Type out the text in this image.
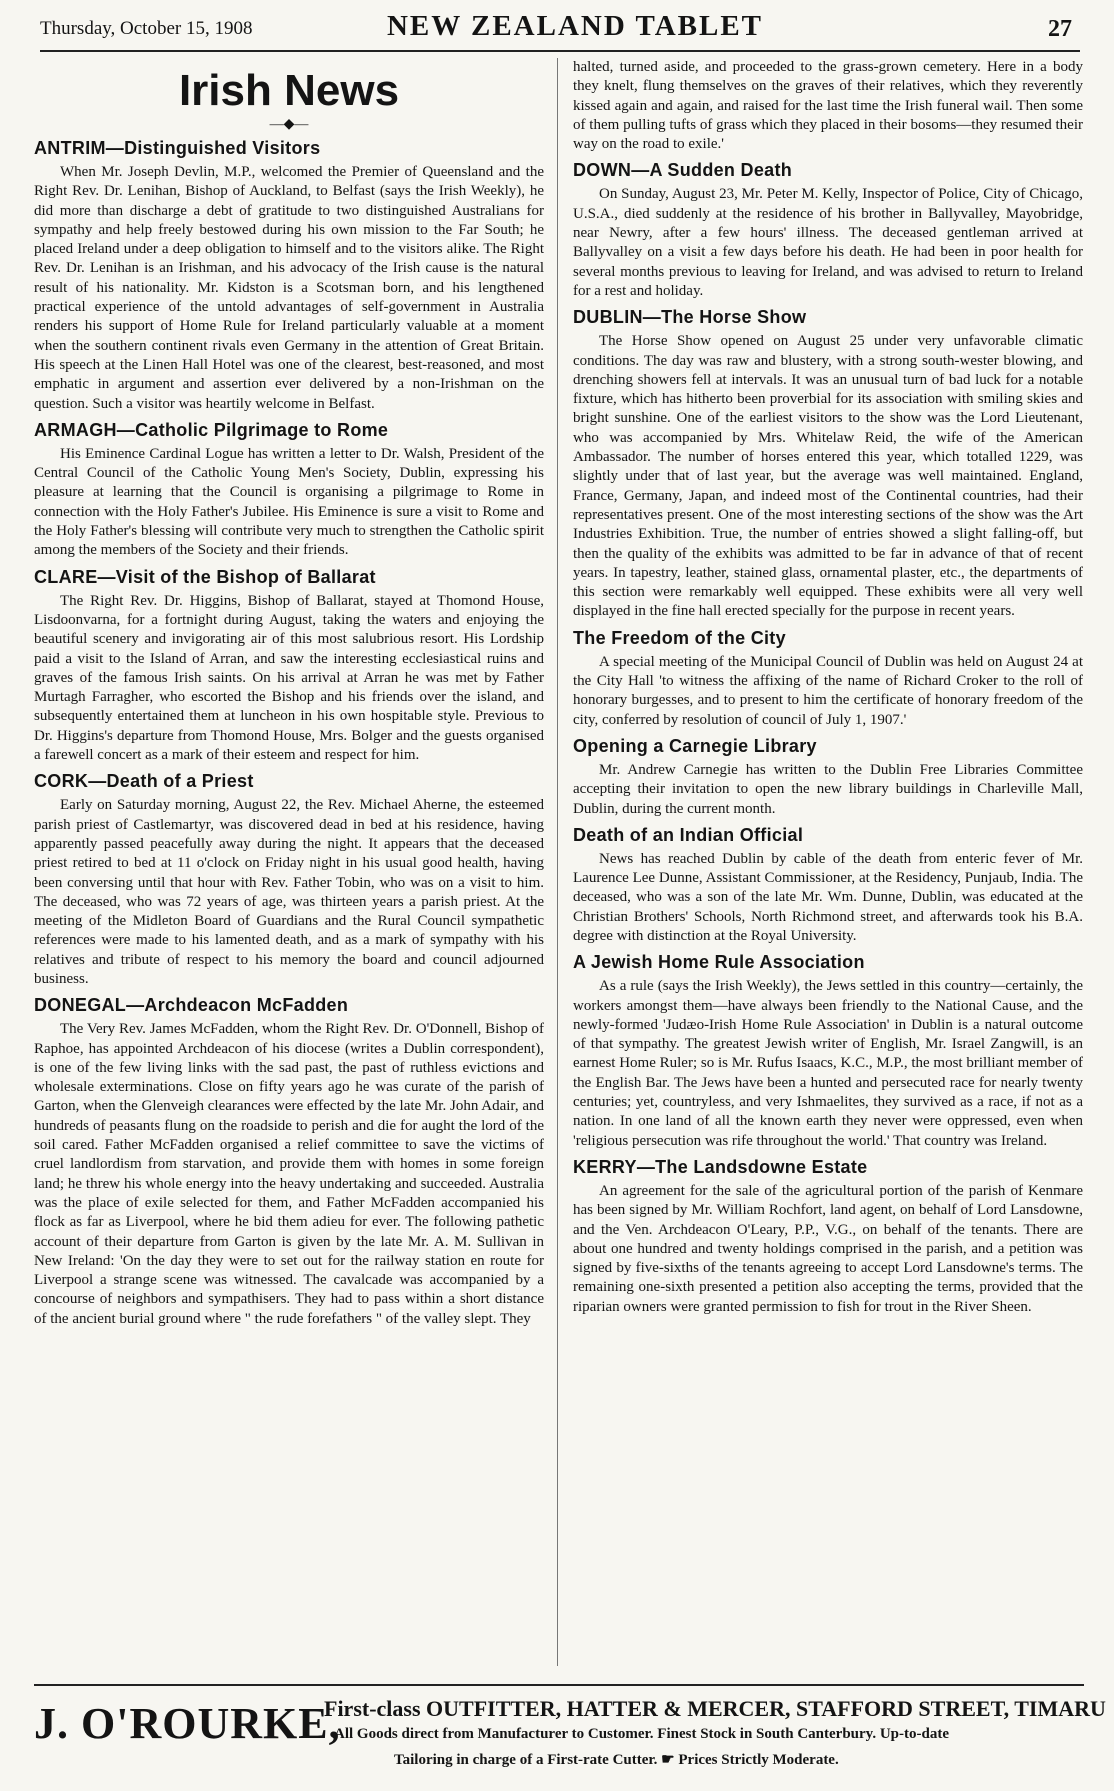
Thursday, October 15, 1908	NEW ZEALAND TABLET	27
Irish News
—◆—
ANTRIM—Distinguished Visitors

When Mr. Joseph Devlin, M.P., welcomed the Premier of Queensland and the Right Rev. Dr. Lenihan, Bishop of Auckland, to Belfast (says the Irish Weekly), he did more than discharge a debt of gratitude to two distinguished Australians for sympathy and help freely bestowed during his own mission to the Far South; he placed Ireland under a deep obligation to himself and to the visitors alike. The Right Rev. Dr. Lenihan is an Irishman, and his advocacy of the Irish cause is the natural result of his nationality. Mr. Kidston is a Scotsman born, and his lengthened practical experience of the untold advantages of self-government in Australia renders his support of Home Rule for Ireland particularly valuable at a moment when the southern continent rivals even Germany in the attention of Great Britain. His speech at the Linen Hall Hotel was one of the clearest, best-reasoned, and most emphatic in argument and assertion ever delivered by a non-Irishman on the question. Such a visitor was heartily welcome in Belfast.

ARMAGH—Catholic Pilgrimage to Rome

His Eminence Cardinal Logue has written a letter to Dr. Walsh, President of the Central Council of the Catholic Young Men's Society, Dublin, expressing his pleasure at learning that the Council is organising a pilgrimage to Rome in connection with the Holy Father's Jubilee. His Eminence is sure a visit to Rome and the Holy Father's blessing will contribute very much to strengthen the Catholic spirit among the members of the Society and their friends.

CLARE—Visit of the Bishop of Ballarat

The Right Rev. Dr. Higgins, Bishop of Ballarat, stayed at Thomond House, Lisdoonvarna, for a fortnight during August, taking the waters and enjoying the beautiful scenery and invigorating air of this most salubrious resort. His Lordship paid a visit to the Island of Arran, and saw the interesting ecclesiastical ruins and graves of the famous Irish saints. On his arrival at Arran he was met by Father Murtagh Farragher, who escorted the Bishop and his friends over the island, and subsequently entertained them at luncheon in his own hospitable style. Previous to Dr. Higgins's departure from Thomond House, Mrs. Bolger and the guests organised a farewell concert as a mark of their esteem and respect for him.

CORK—Death of a Priest

Early on Saturday morning, August 22, the Rev. Michael Aherne, the esteemed parish priest of Castlemartyr, was discovered dead in bed at his residence, having apparently passed peacefully away during the night. It appears that the deceased priest retired to bed at 11 o'clock on Friday night in his usual good health, having been conversing until that hour with Rev. Father Tobin, who was on a visit to him. The deceased, who was 72 years of age, was thirteen years a parish priest. At the meeting of the Midleton Board of Guardians and the Rural Council sympathetic references were made to his lamented death, and as a mark of sympathy with his relatives and tribute of respect to his memory the board and council adjourned business.

DONEGAL—Archdeacon McFadden

The Very Rev. James McFadden, whom the Right Rev. Dr. O'Donnell, Bishop of Raphoe, has appointed Archdeacon of his diocese (writes a Dublin correspondent), is one of the few living links with the sad past, the past of ruthless evictions and wholesale exterminations. Close on fifty years ago he was curate of the parish of Garton, when the Glenveigh clearances were effected by the late Mr. John Adair, and hundreds of peasants flung on the roadside to perish and die for aught the lord of the soil cared. Father McFadden organised a relief committee to save the victims of cruel landlordism from starvation, and provide them with homes in some foreign land; he threw his whole energy into the heavy undertaking and succeeded. Australia was the place of exile selected for them, and Father McFadden accompanied his flock as far as Liverpool, where he bid them adieu for ever. The following pathetic account of their departure from Garton is given by the late Mr. A. M. Sullivan in New Ireland: 'On the day they were to set out for the railway station en route for Liverpool a strange scene was witnessed. The cavalcade was accompanied by a concourse of neighbors and sympathisers. They had to pass within a short distance of the ancient burial ground where " the rude forefathers " of the valley slept. They

halted, turned aside, and proceeded to the grass-grown cemetery. Here in a body they knelt, flung themselves on the graves of their relatives, which they reverently kissed again and again, and raised for the last time the Irish funeral wail. Then some of them pulling tufts of grass which they placed in their bosoms—they resumed their way on the road to exile.'

DOWN—A Sudden Death

On Sunday, August 23, Mr. Peter M. Kelly, Inspector of Police, City of Chicago, U.S.A., died suddenly at the residence of his brother in Ballyvalley, Mayobridge, near Newry, after a few hours' illness. The deceased gentleman arrived at Ballyvalley on a visit a few days before his death. He had been in poor health for several months previous to leaving for Ireland, and was advised to return to Ireland for a rest and holiday.

DUBLIN—The Horse Show

The Horse Show opened on August 25 under very unfavorable climatic conditions. The day was raw and blustery, with a strong south-wester blowing, and drenching showers fell at intervals. It was an unusual turn of bad luck for a notable fixture, which has hitherto been proverbial for its association with smiling skies and bright sunshine. One of the earliest visitors to the show was the Lord Lieutenant, who was accompanied by Mrs. Whitelaw Reid, the wife of the American Ambassador. The number of horses entered this year, which totalled 1229, was slightly under that of last year, but the average was well maintained. England, France, Germany, Japan, and indeed most of the Continental countries, had their representatives present. One of the most interesting sections of the show was the Art Industries Exhibition. True, the number of entries showed a slight falling-off, but then the quality of the exhibits was admitted to be far in advance of that of recent years. In tapestry, leather, stained glass, ornamental plaster, etc., the departments of this section were remarkably well equipped. These exhibits were all very well displayed in the fine hall erected specially for the purpose in recent years.

The Freedom of the City

A special meeting of the Municipal Council of Dublin was held on August 24 at the City Hall 'to witness the affixing of the name of Richard Croker to the roll of honorary burgesses, and to present to him the certificate of honorary freedom of the city, conferred by resolution of council of July 1, 1907.'

Opening a Carnegie Library

Mr. Andrew Carnegie has written to the Dublin Free Libraries Committee accepting their invitation to open the new library buildings in Charleville Mall, Dublin, during the current month.

Death of an Indian Official

News has reached Dublin by cable of the death from enteric fever of Mr. Laurence Lee Dunne, Assistant Commissioner, at the Residency, Punjaub, India. The deceased, who was a son of the late Mr. Wm. Dunne, Dublin, was educated at the Christian Brothers' Schools, North Richmond street, and afterwards took his B.A. degree with distinction at the Royal University.

A Jewish Home Rule Association

As a rule (says the Irish Weekly), the Jews settled in this country—certainly, the workers amongst them—have always been friendly to the National Cause, and the newly-formed 'Judæo-Irish Home Rule Association' in Dublin is a natural outcome of that sympathy. The greatest Jewish writer of English, Mr. Israel Zangwill, is an earnest Home Ruler; so is Mr. Rufus Isaacs, K.C., M.P., the most brilliant member of the English Bar. The Jews have been a hunted and persecuted race for nearly twenty centuries; yet, countryless, and very Ishmaelites, they survived as a race, if not as a nation. In one land of all the known earth they never were oppressed, even when 'religious persecution was rife throughout the world.' That country was Ireland.

KERRY—The Landsdowne Estate

An agreement for the sale of the agricultural portion of the parish of Kenmare has been signed by Mr. William Rochfort, land agent, on behalf of Lord Lansdowne, and the Ven. Archdeacon O'Leary, P.P., V.G., on behalf of the tenants. There are about one hundred and twenty holdings comprised in the parish, and a petition was signed by five-sixths of the tenants agreeing to accept Lord Lansdowne's terms. The remaining one-sixth presented a petition also accepting the terms, provided that the riparian owners were granted permission to fish for trout in the River Sheen.

J. O'ROURKE,
First-class OUTFITTER, HATTER & MERCER, STAFFORD STREET, TIMARU
All Goods direct from Manufacturer to Customer. Finest Stock in South Canterbury. Up-to-date
Tailoring in charge of a First-rate Cutter. ☛ Prices Strictly Moderate.
